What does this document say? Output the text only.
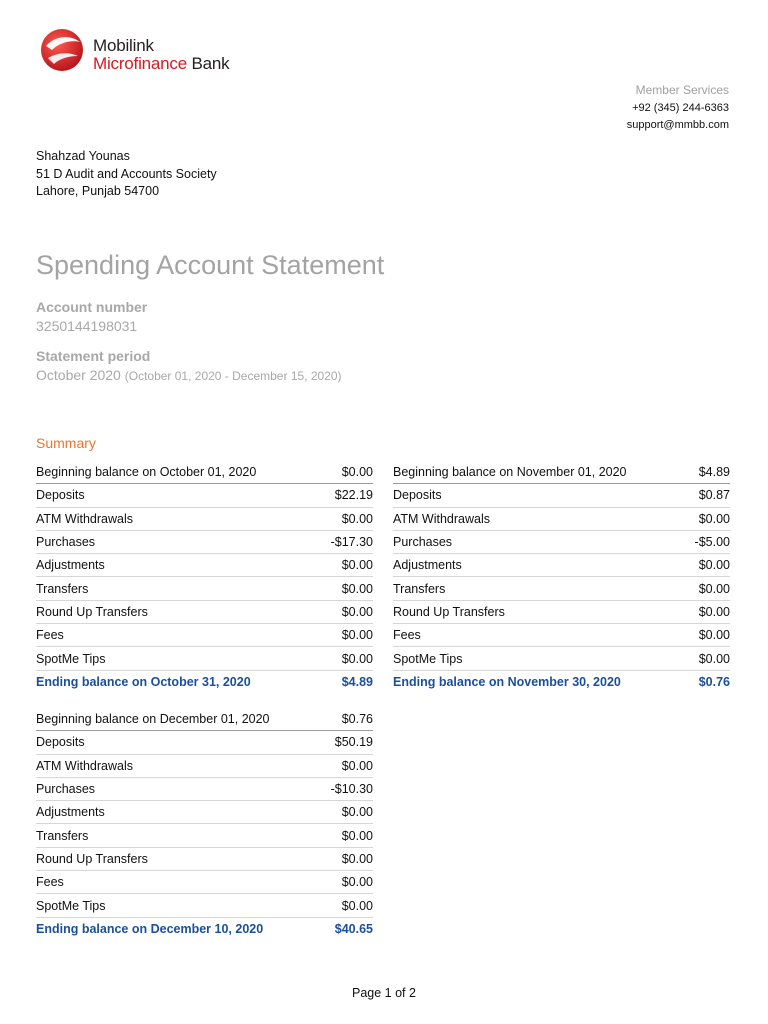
Mobilink
Microfinance Bank
Member Services
+92 (345) 244-6363
support@mmbb.com
Shahzad Younas
51 D Audit and Accounts Society
Lahore, Punjab 54700
Spending Account Statement
Account number
3250144198031
Statement period
October 2020 (October 01, 2020 - December 15, 2020)
Summary
Beginning balance on October 01, 2020	$0.00
Deposits	$22.19
ATM Withdrawals	$0.00
Purchases	-$17.30
Adjustments	$0.00
Transfers	$0.00
Round Up Transfers	$0.00
Fees	$0.00
SpotMe Tips	$0.00
Ending balance on October 31, 2020	$4.89
Beginning balance on November 01, 2020	$4.89
Deposits	$0.87
ATM Withdrawals	$0.00
Purchases	-$5.00
Adjustments	$0.00
Transfers	$0.00
Round Up Transfers	$0.00
Fees	$0.00
SpotMe Tips	$0.00
Ending balance on November 30, 2020	$0.76
Beginning balance on December 01, 2020	$0.76
Deposits	$50.19
ATM Withdrawals	$0.00
Purchases	-$10.30
Adjustments	$0.00
Transfers	$0.00
Round Up Transfers	$0.00
Fees	$0.00
SpotMe Tips	$0.00
Ending balance on December 10, 2020	$40.65
Page 1 of 2
